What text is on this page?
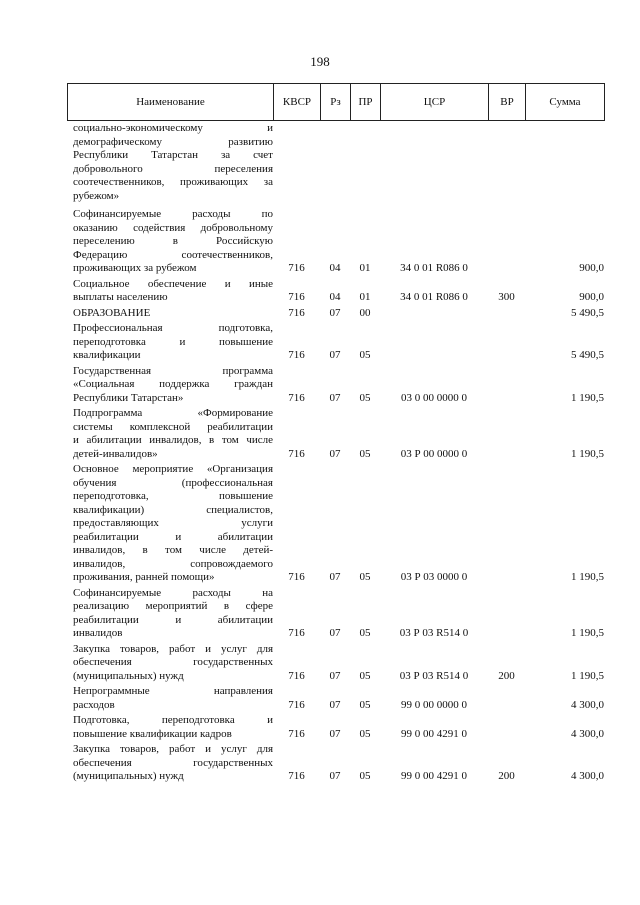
198
Наименование	КВСР	Рз	ПР	ЦСР	ВР	Сумма
социально-экономическому и
демографическому развитию
Республики Татарстан за счет
добровольного переселения
соотечественников, проживающих за
рубежом»
Софинансируемые расходы по
оказанию содействия добровольному
переселению в Российскую
Федерацию соотечественников,
проживающих за рубежом	716	04	01	34 0 01 R086 0	900,0
Социальное обеспечение и иные
выплаты населению	716	04	01	34 0 01 R086 0	300	900,0
ОБРАЗОВАНИЕ	716	07	00	5 490,5
Профессиональная подготовка,
переподготовка и повышение
квалификации	716	07	05	5 490,5
Государственная программа
«Социальная поддержка граждан
Республики Татарстан»	716	07	05	03 0 00 0000 0	1 190,5
Подпрограмма «Формирование
системы комплексной реабилитации
и абилитации инвалидов, в том числе
детей-инвалидов»	716	07	05	03 Р 00 0000 0	1 190,5
Основное мероприятие «Организация
обучения (профессиональная
переподготовка, повышение
квалификации) специалистов,
предоставляющих услуги
реабилитации и абилитации
инвалидов, в том числе детей-
инвалидов, сопровождаемого
проживания, ранней помощи»	716	07	05	03 Р 03 0000 0	1 190,5
Софинансируемые расходы на
реализацию мероприятий в сфере
реабилитации и абилитации
инвалидов	716	07	05	03 Р 03 R514 0	1 190,5
Закупка товаров, работ и услуг для
обеспечения государственных
(муниципальных) нужд	716	07	05	03 Р 03 R514 0	200	1 190,5
Непрограммные направления
расходов	716	07	05	99 0 00 0000 0	4 300,0
Подготовка, переподготовка и
повышение квалификации кадров	716	07	05	99 0 00 4291 0	4 300,0
Закупка товаров, работ и услуг для
обеспечения государственных
(муниципальных) нужд	716	07	05	99 0 00 4291 0	200	4 300,0
